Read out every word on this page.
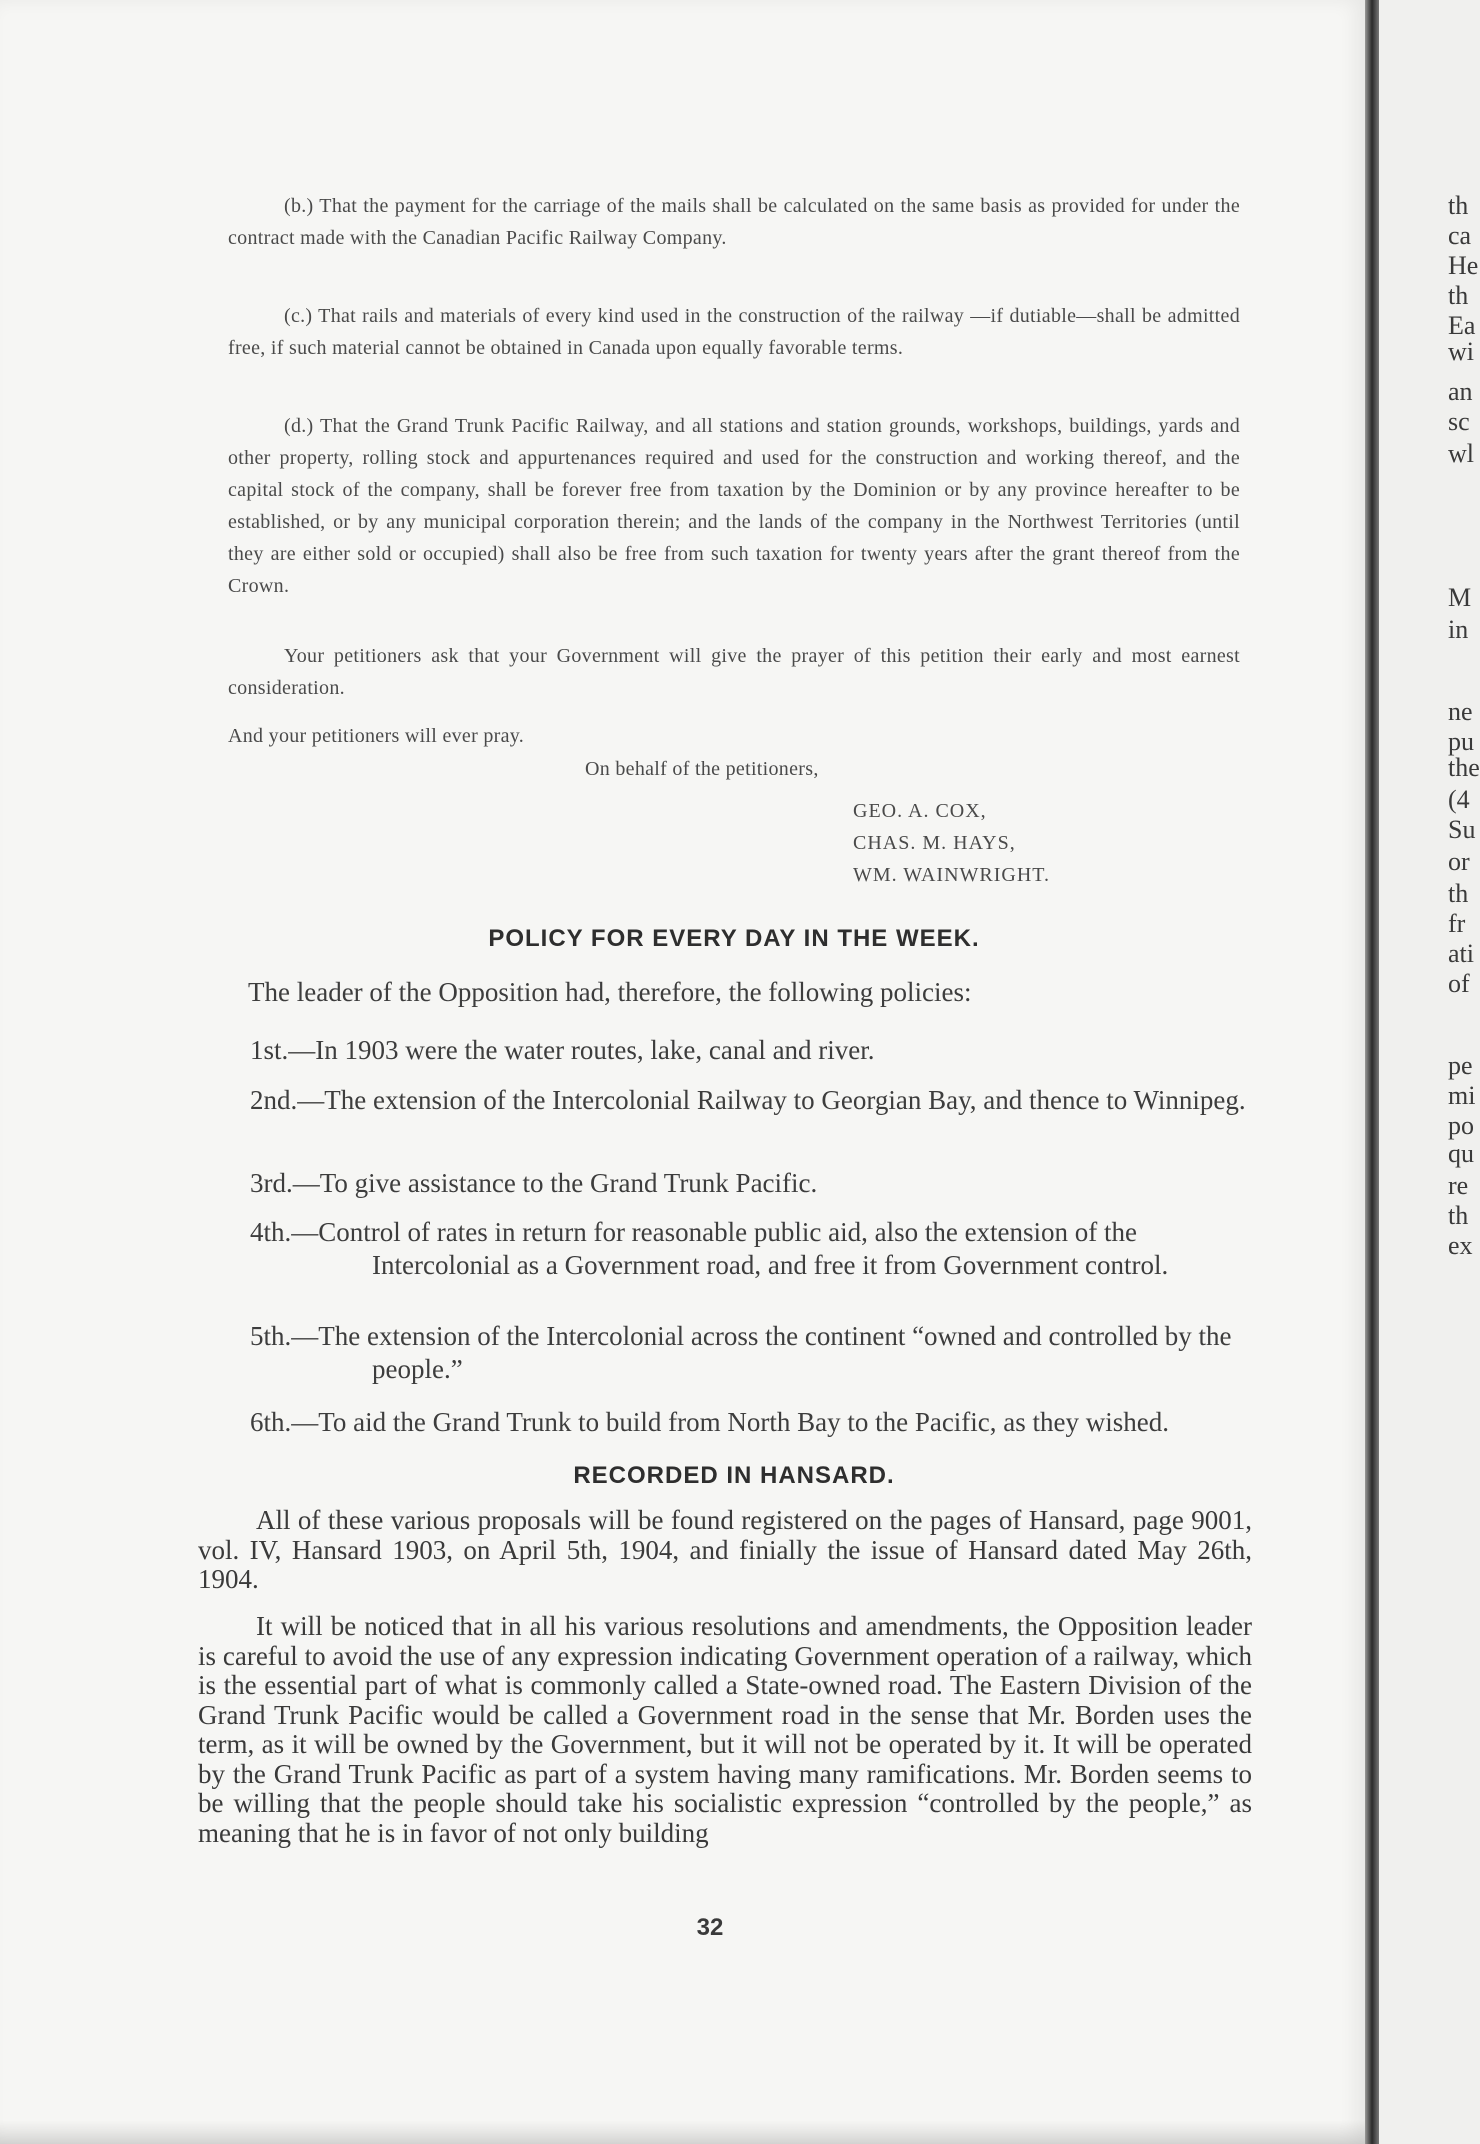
(b.) That the payment for the carriage of the mails shall be calculated on the same basis as provided for under the contract made with the Canadian Pacific Railway Company.
(c.) That rails and materials of every kind used in the construction of the railway —if dutiable—shall be admitted free, if such material cannot be obtained in Canada upon equally favorable terms.
(d.) That the Grand Trunk Pacific Railway, and all stations and station grounds, workshops, buildings, yards and other property, rolling stock and appurtenances required and used for the construction and working thereof, and the capital stock of the company, shall be forever free from taxation by the Dominion or by any province hereafter to be established, or by any municipal corporation therein; and the lands of the company in the Northwest Territories (until they are either sold or occupied) shall also be free from such taxation for twenty years after the grant thereof from the Crown.
Your petitioners ask that your Government will give the prayer of this petition their early and most earnest consideration.
And your petitioners will ever pray.
On behalf of the petitioners,
GEO. A. COX,
CHAS. M. HAYS,
WM. WAINWRIGHT.
POLICY FOR EVERY DAY IN THE WEEK.
The leader of the Opposition had, therefore, the following policies:
1st.—In 1903 were the water routes, lake, canal and river.
2nd.—The extension of the Intercolonial Railway to Georgian Bay, and thence to Winnipeg.
3rd.—To give assistance to the Grand Trunk Pacific.
4th.—Control of rates in return for reasonable public aid, also the extension of the Intercolonial as a Government road, and free it from Government control.
5th.—The extension of the Intercolonial across the continent “owned and controlled by the people.”
6th.—To aid the Grand Trunk to build from North Bay to the Pacific, as they wished.
RECORDED IN HANSARD.
All of these various proposals will be found registered on the pages of Hansard, page 9001, vol. IV, Hansard 1903, on April 5th, 1904, and finially the issue of Hansard dated May 26th, 1904.
It will be noticed that in all his various resolutions and amendments, the Opposition leader is careful to avoid the use of any expression indicating Government operation of a railway, which is the essential part of what is commonly called a State-owned road. The Eastern Division of the Grand Trunk Pacific would be called a Government road in the sense that Mr. Borden uses the term, as it will be owned by the Government, but it will not be operated by it. It will be operated by the Grand Trunk Pacific as part of a system having many ramifications. Mr. Borden seems to be willing that the people should take his socialistic expression “controlled by the people,” as meaning that he is in favor of not only building
32
th
ca
He
th
Ea
wi
an
sc
wl
M
in
ne
pu
the
(4
Su
or
th
fr
ati
of
pe
mi
po
qu
re
th
ex
